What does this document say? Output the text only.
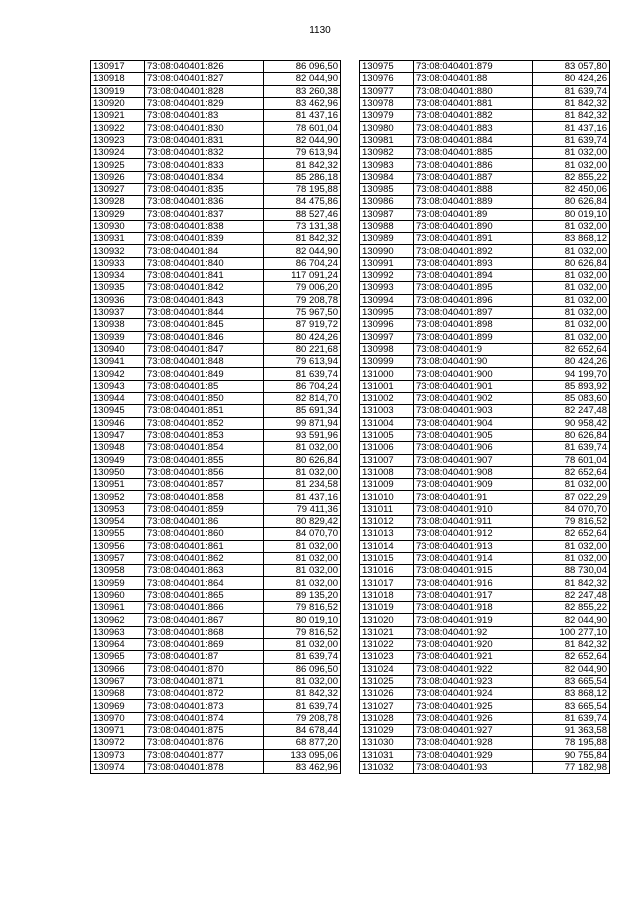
1130
130917	73:08:040401:826	86 096,50
130918	73:08:040401:827	82 044,90
130919	73:08:040401:828	83 260,38
130920	73:08:040401:829	83 462,96
130921	73:08:040401:83	81 437,16
130922	73:08:040401:830	78 601,04
130923	73:08:040401:831	82 044,90
130924	73:08:040401:832	79 613,94
130925	73:08:040401:833	81 842,32
130926	73:08:040401:834	85 286,18
130927	73:08:040401:835	78 195,88
130928	73:08:040401:836	84 475,86
130929	73:08:040401:837	88 527,46
130930	73:08:040401:838	73 131,38
130931	73:08:040401:839	81 842,32
130932	73:08:040401:84	82 044,90
130933	73:08:040401:840	86 704,24
130934	73:08:040401:841	117 091,24
130935	73:08:040401:842	79 006,20
130936	73:08:040401:843	79 208,78
130937	73:08:040401:844	75 967,50
130938	73:08:040401:845	87 919,72
130939	73:08:040401:846	80 424,26
130940	73:08:040401:847	80 221,68
130941	73:08:040401:848	79 613,94
130942	73:08:040401:849	81 639,74
130943	73:08:040401:85	86 704,24
130944	73:08:040401:850	82 814,70
130945	73:08:040401:851	85 691,34
130946	73:08:040401:852	99 871,94
130947	73:08:040401:853	93 591,96
130948	73:08:040401:854	81 032,00
130949	73:08:040401:855	80 626,84
130950	73:08:040401:856	81 032,00
130951	73:08:040401:857	81 234,58
130952	73:08:040401:858	81 437,16
130953	73:08:040401:859	79 411,36
130954	73:08:040401:86	80 829,42
130955	73:08:040401:860	84 070,70
130956	73:08:040401:861	81 032,00
130957	73:08:040401:862	81 032,00
130958	73:08:040401:863	81 032,00
130959	73:08:040401:864	81 032,00
130960	73:08:040401:865	89 135,20
130961	73:08:040401:866	79 816,52
130962	73:08:040401:867	80 019,10
130963	73:08:040401:868	79 816,52
130964	73:08:040401:869	81 032,00
130965	73:08:040401:87	81 639,74
130966	73:08:040401:870	86 096,50
130967	73:08:040401:871	81 032,00
130968	73:08:040401:872	81 842,32
130969	73:08:040401:873	81 639,74
130970	73:08:040401:874	79 208,78
130971	73:08:040401:875	84 678,44
130972	73:08:040401:876	68 877,20
130973	73:08:040401:877	133 095,06
130974	73:08:040401:878	83 462,96
130975	73:08:040401:879	83 057,80
130976	73:08:040401:88	80 424,26
130977	73:08:040401:880	81 639,74
130978	73:08:040401:881	81 842,32
130979	73:08:040401:882	81 842,32
130980	73:08:040401:883	81 437,16
130981	73:08:040401:884	81 639,74
130982	73:08:040401:885	81 032,00
130983	73:08:040401:886	81 032,00
130984	73:08:040401:887	82 855,22
130985	73:08:040401:888	82 450,06
130986	73:08:040401:889	80 626,84
130987	73:08:040401:89	80 019,10
130988	73:08:040401:890	81 032,00
130989	73:08:040401:891	83 868,12
130990	73:08:040401:892	81 032,00
130991	73:08:040401:893	80 626,84
130992	73:08:040401:894	81 032,00
130993	73:08:040401:895	81 032,00
130994	73:08:040401:896	81 032,00
130995	73:08:040401:897	81 032,00
130996	73:08:040401:898	81 032,00
130997	73:08:040401:899	81 032,00
130998	73:08:040401:9	82 652,64
130999	73:08:040401:90	80 424,26
131000	73:08:040401:900	94 199,70
131001	73:08:040401:901	85 893,92
131002	73:08:040401:902	85 083,60
131003	73:08:040401:903	82 247,48
131004	73:08:040401:904	90 958,42
131005	73:08:040401:905	80 626,84
131006	73:08:040401:906	81 639,74
131007	73:08:040401:907	78 601,04
131008	73:08:040401:908	82 652,64
131009	73:08:040401:909	81 032,00
131010	73:08:040401:91	87 022,29
131011	73:08:040401:910	84 070,70
131012	73:08:040401:911	79 816,52
131013	73:08:040401:912	82 652,64
131014	73:08:040401:913	81 032,00
131015	73:08:040401:914	81 032,00
131016	73:08:040401:915	88 730,04
131017	73:08:040401:916	81 842,32
131018	73:08:040401:917	82 247,48
131019	73:08:040401:918	82 855,22
131020	73:08:040401:919	82 044,90
131021	73:08:040401:92	100 277,10
131022	73:08:040401:920	81 842,32
131023	73:08:040401:921	82 652,64
131024	73:08:040401:922	82 044,90
131025	73:08:040401:923	83 665,54
131026	73:08:040401:924	83 868,12
131027	73:08:040401:925	83 665,54
131028	73:08:040401:926	81 639,74
131029	73:08:040401:927	91 363,58
131030	73:08:040401:928	78 195,88
131031	73:08:040401:929	90 755,84
131032	73:08:040401:93	77 182,98
